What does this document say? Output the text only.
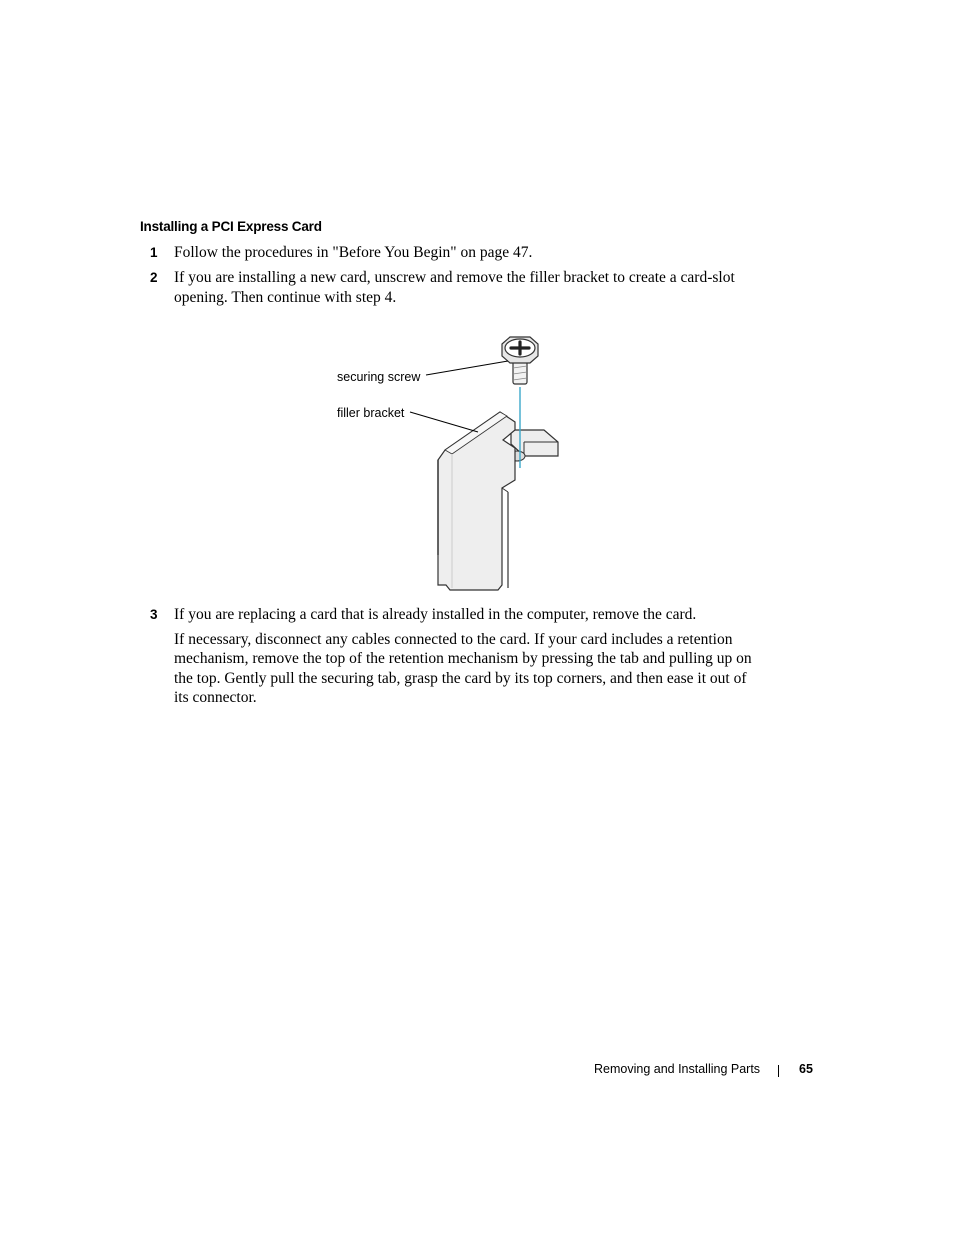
Installing a PCI Express Card
1 Follow the procedures in "Before You Begin" on page 47.

2 If you are installing a new card, unscrew and remove the filler bracket to create a card-slot opening. Then continue with step 4.

securing screw
filler bracket
3 If you are replacing a card that is already installed in the computer, remove the card.

If necessary, disconnect any cables connected to the card. If your card includes a retention mechanism, remove the top of the retention mechanism by pressing the tab and pulling up on the top. Gently pull the securing tab, grasp the card by its top corners, and then ease it out of its connector.

Removing and Installing Parts	65
